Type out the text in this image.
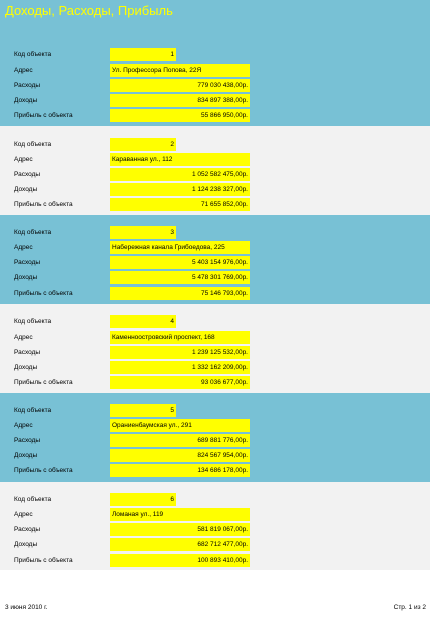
Доходы, Расходы, Прибыль
Код объекта	1
Адрес	Ул. Профессора Попова, 22Я
Расходы	779 030 438,00р.
Доходы	834 897 388,00р.
Прибыль с объекта	55 866 950,00р.
Код объекта	2
Адрес	Караванная ул., 112
Расходы	1 052 582 475,00р.
Доходы	1 124 238 327,00р.
Прибыль с объекта	71 655 852,00р.
Код объекта	3
Адрес	Набережная канала Грибоедова, 225
Расходы	5 403 154 976,00р.
Доходы	5 478 301 769,00р.
Прибыль с объекта	75 146 793,00р.
Код объекта	4
Адрес	Каменноостровский проспект, 168
Расходы	1 239 125 532,00р.
Доходы	1 332 162 209,00р.
Прибыль с объекта	93 036 677,00р.
Код объекта	5
Адрес	Ораниенбаумская ул., 291
Расходы	689 881 776,00р.
Доходы	824 567 954,00р.
Прибыль с объекта	134 686 178,00р.
Код объекта	6
Адрес	Ломаная ул., 119
Расходы	581 819 067,00р.
Доходы	682 712 477,00р.
Прибыль с объекта	100 893 410,00р.
3 июня 2010 г.	Стр. 1 из 2
